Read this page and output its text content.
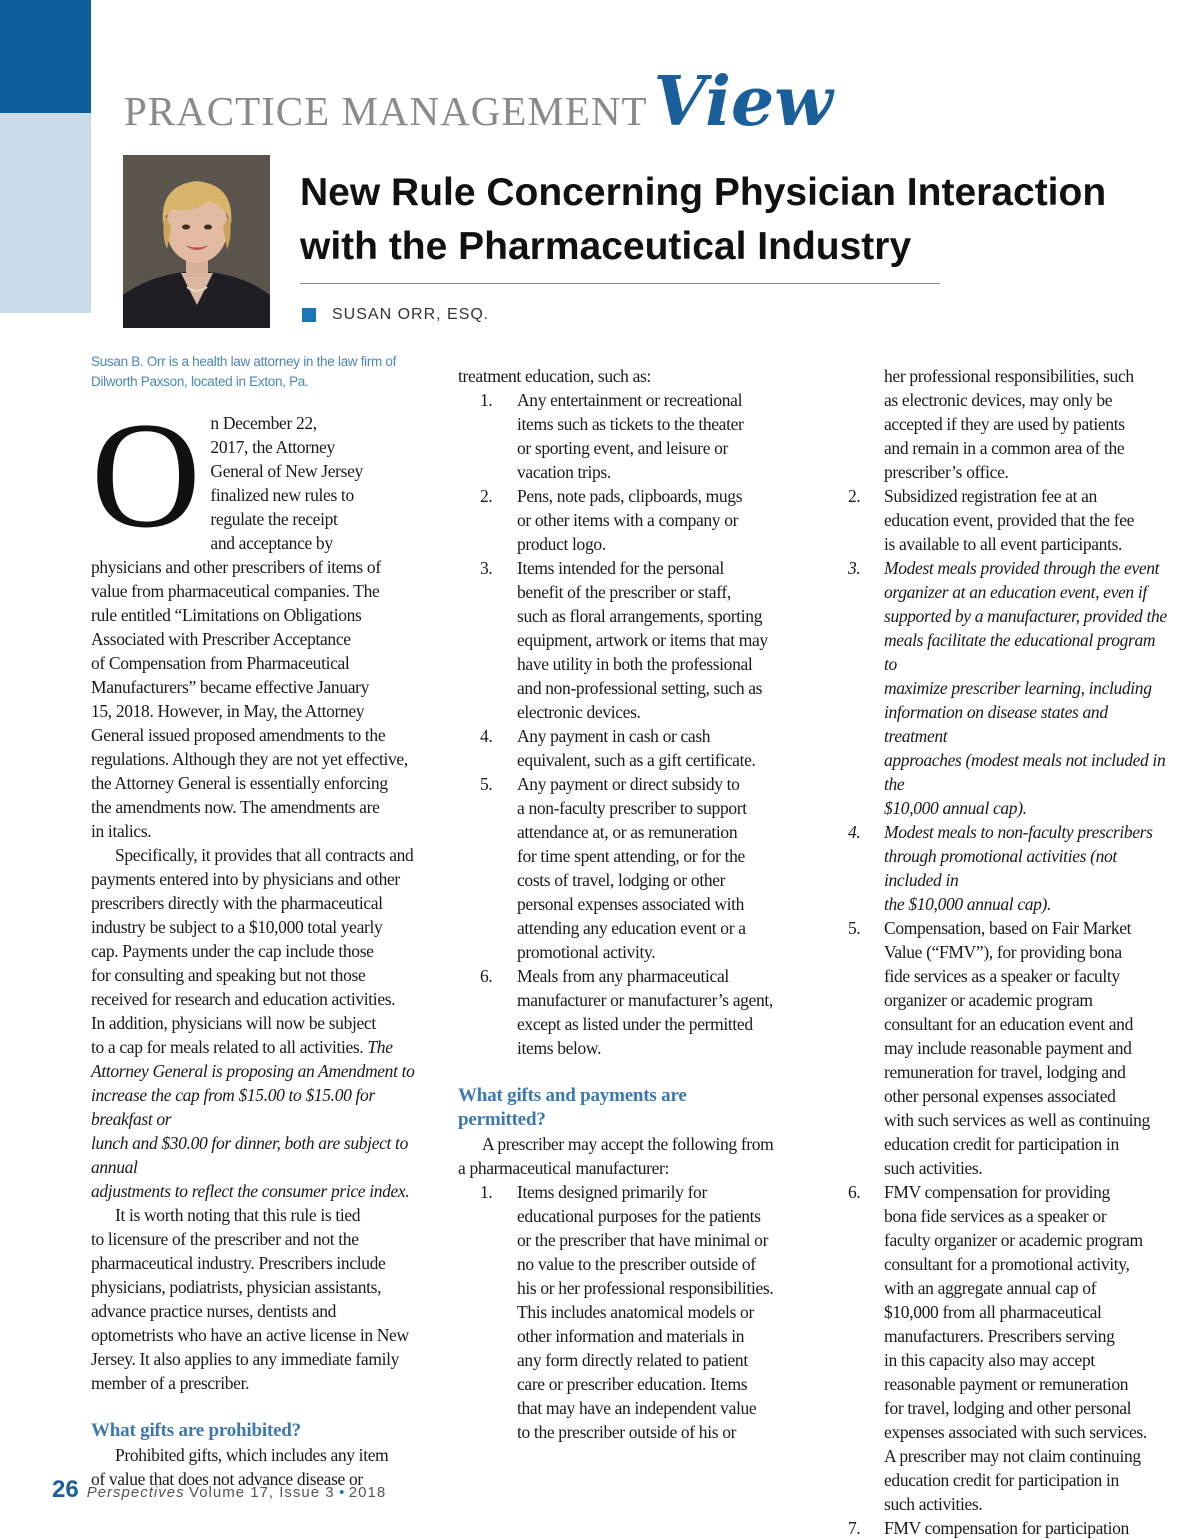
PRACTICE MANAGEMENTView
New Rule Concerning Physician Interaction with the Pharmaceutical Industry
SUSAN ORR, ESQ.
Susan B. Orr is a health law attorney in the law firm of Dilworth Paxson, located in Exton, Pa.
O n December 22,
2017, the Attorney
General of New Jersey
finalized new rules to
regulate the receipt
and acceptance by
physicians and other prescribers of items of
value from pharmaceutical companies. The
rule entitled “Limitations on Obligations
Associated with Prescriber Acceptance
of Compensation from Pharmaceutical
Manufacturers” became effective January
15, 2018. However, in May, the Attorney
General issued proposed amendments to the
regulations. Although they are not yet effective,
the Attorney General is essentially enforcing
the amendments now. The amendments are
in italics.
Specifically, it provides that all contracts and
payments entered into by physicians and other
prescribers directly with the pharmaceutical
industry be subject to a $10,000 total yearly
cap. Payments under the cap include those
for consulting and speaking but not those
received for research and education activities.
In addition, physicians will now be subject
to a cap for meals related to all activities. The
Attorney General is proposing an Amendment to
increase the cap from $15.00 to $15.00 for breakfast or
lunch and $30.00 for dinner, both are subject to annual
adjustments to reflect the consumer price index.
It is worth noting that this rule is tied
to licensure of the prescriber and not the
pharmaceutical industry. Prescribers include
physicians, podiatrists, physician assistants,
advance practice nurses, dentists and
optometrists who have an active license in New
Jersey. It also applies to any immediate family
member of a prescriber.
What gifts are prohibited?
Prohibited gifts, which includes any item
of value that does not advance disease or
treatment education, such as:
1.	Any entertainment or recreational
items such as tickets to the theater
or sporting event, and leisure or
vacation trips.
2.	Pens, note pads, clipboards, mugs
or other items with a company or
product logo.
3.	Items intended for the personal
benefit of the prescriber or staff,
such as floral arrangements, sporting
equipment, artwork or items that may
have utility in both the professional
and non-professional setting, such as
electronic devices.
4.	Any payment in cash or cash
equivalent, such as a gift certificate.
5.	Any payment or direct subsidy to
a non-faculty prescriber to support
attendance at, or as remuneration
for time spent attending, or for the
costs of travel, lodging or other
personal expenses associated with
attending any education event or a
promotional activity.
6.	Meals from any pharmaceutical
manufacturer or manufacturer’s agent,
except as listed under the permitted
items below.
What gifts and payments are
permitted?
A prescriber may accept the following from
a pharmaceutical manufacturer:
1.	Items designed primarily for
educational purposes for the patients
or the prescriber that have minimal or
no value to the prescriber outside of
his or her professional responsibilities.
This includes anatomical models or
other information and materials in
any form directly related to patient
care or prescriber education. Items
that may have an independent value
to the prescriber outside of his or
her professional responsibilities, such
as electronic devices, may only be
accepted if they are used by patients
and remain in a common area of the
prescriber’s office.
2.	Subsidized registration fee at an
education event, provided that the fee
is available to all event participants.
3.	Modest meals provided through the event
organizer at an education event, even if
supported by a manufacturer, provided the
meals facilitate the educational program to
maximize prescriber learning, including
information on disease states and treatment
approaches (modest meals not included in the
$10,000 annual cap).
4.	Modest meals to non-faculty prescribers
through promotional activities (not included in
the $10,000 annual cap).
5.	Compensation, based on Fair Market
Value (“FMV”), for providing bona
fide services as a speaker or faculty
organizer or academic program
consultant for an education event and
may include reasonable payment and
remuneration for travel, lodging and
other personal expenses associated
with such services as well as continuing
education credit for participation in
such activities.
6.	FMV compensation for providing
bona fide services as a speaker or
faculty organizer or academic program
consultant for a promotional activity,
with an aggregate annual cap of
$10,000 from all pharmaceutical
manufacturers. Prescribers serving
in this capacity also may accept
reasonable payment or remuneration
for travel, lodging and other personal
expenses associated with such services.
A prescriber may not claim continuing
education credit for participation in
such activities.
7.	FMV compensation for participation
26 Perspectives Volume 17, Issue 3 • 2018
